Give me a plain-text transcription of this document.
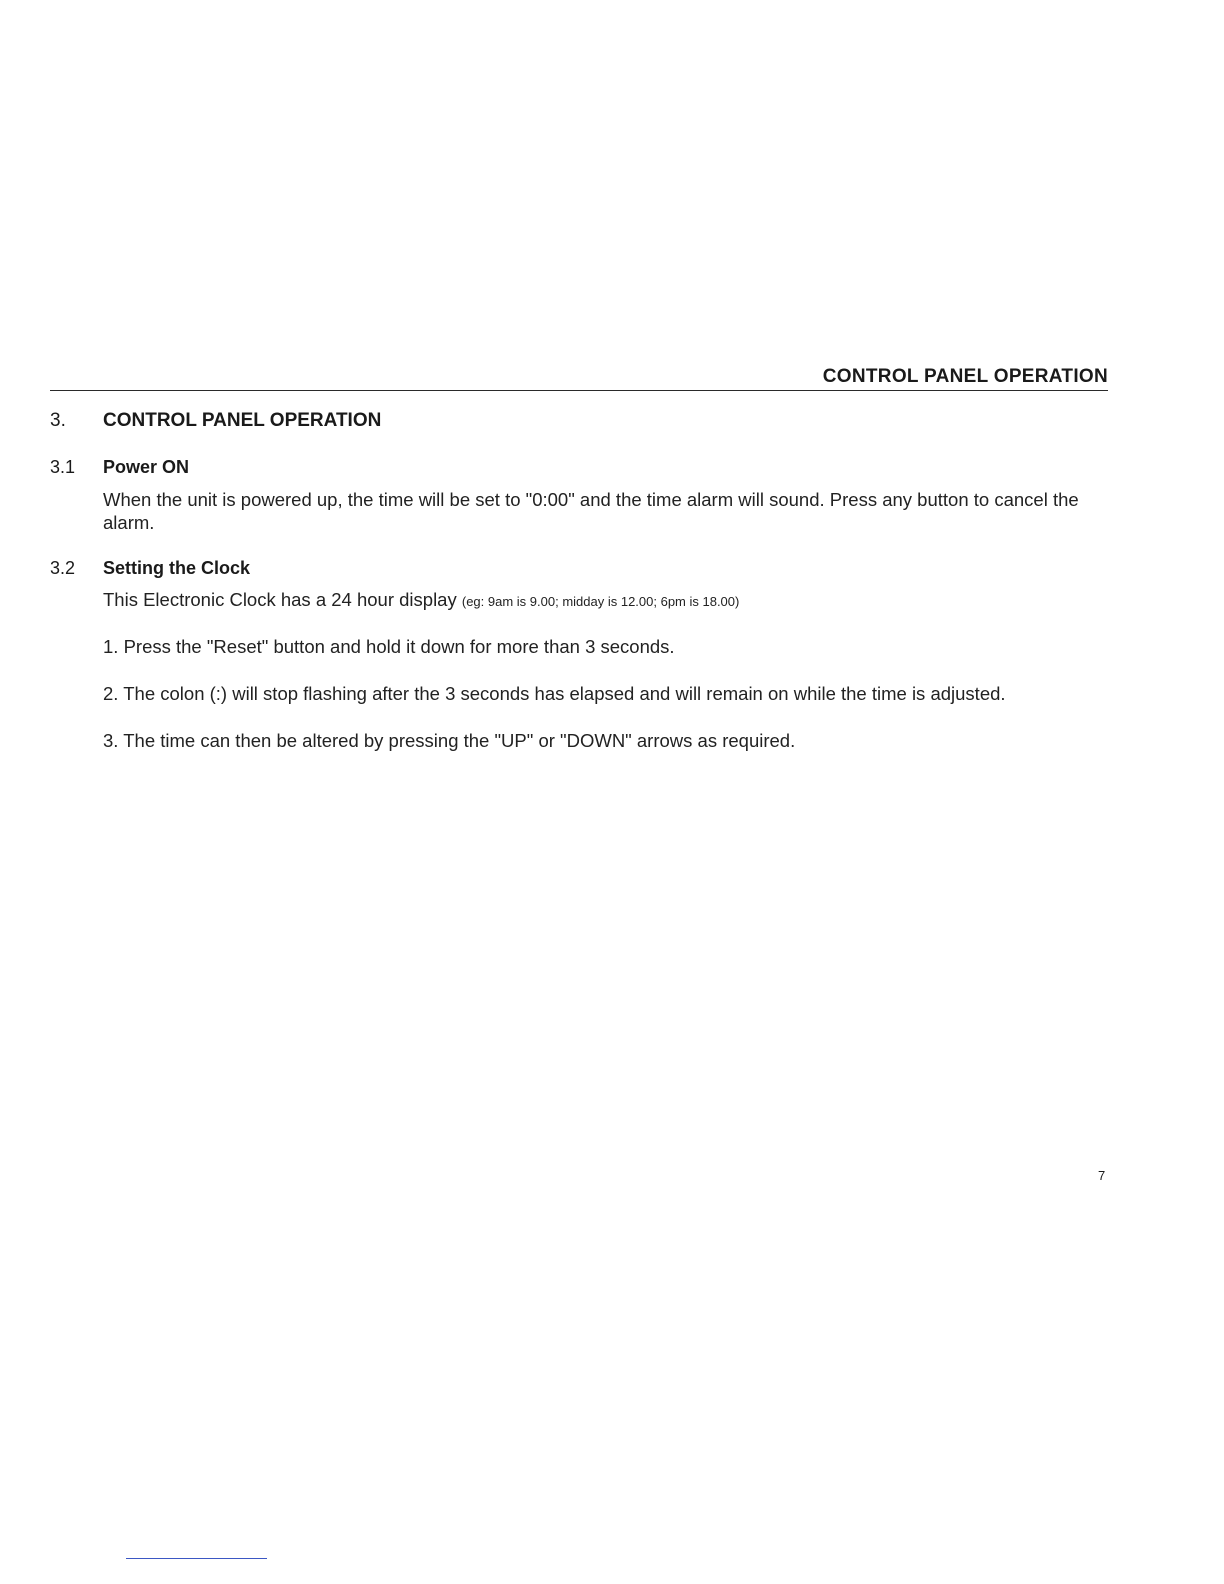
CONTROL PANEL OPERATION
3. CONTROL PANEL OPERATION
3.1 Power ON
When the unit is powered up, the time will be set to "0:00" and the time alarm will sound. Press any button to cancel the alarm.
3.2 Setting the Clock
This Electronic Clock has a 24 hour display (eg: 9am is 9.00; midday is 12.00; 6pm is 18.00)
1. Press the "Reset" button and hold it down for more than 3 seconds.
2. The colon (:) will stop flashing after the 3 seconds has elapsed and will remain on while the time is adjusted.
3. The time can then be altered by pressing the "UP" or "DOWN" arrows as required.
7
